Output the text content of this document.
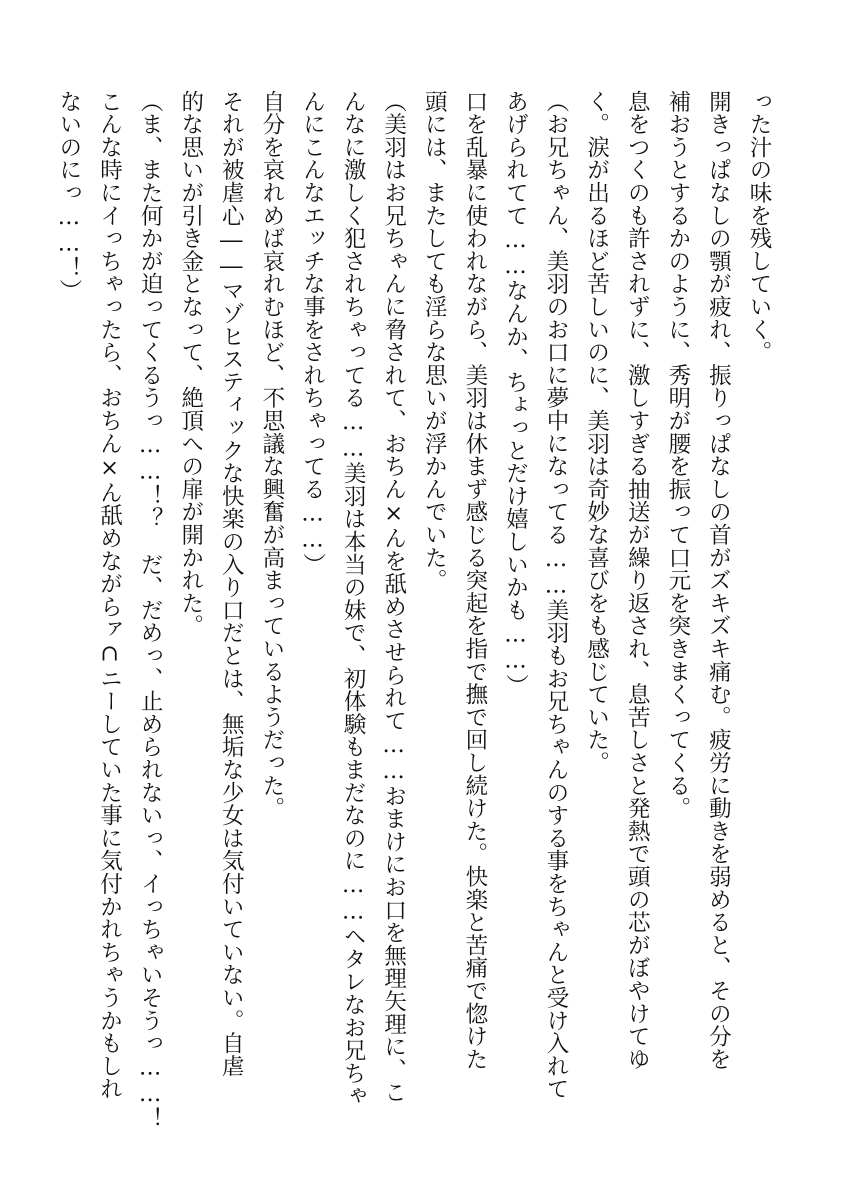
った汁の味を残していく。
開きっぱなしの顎が疲れ、振りっぱなしの首がズキズキ痛む。疲労に動きを弱めると、その分を
補おうとするかのように、秀明が腰を振って口元を突きまくってくる。
息をつくのも許されずに、激しすぎる抽送が繰り返され、息苦しさと発熱で頭の芯がぼやけてゆ
く。涙が出るほど苦しいのに、美羽は奇妙な喜びをも感じていた。
（お兄ちゃん、美羽のお口に夢中になってる……美羽もお兄ちゃんのする事をちゃんと受け入れて
あげられてて……なんか、ちょっとだけ嬉しいかも……）
口を乱暴に使われながら、美羽は休まず感じる突起を指で撫で回し続けた。快楽と苦痛で惚けた
頭には、またしても淫らな思いが浮かんでいた。
（美羽はお兄ちゃんに脅されて、おちん×んを舐めさせられて……おまけにお口を無理矢理に、こ
んなに激しく犯されちゃってる……美羽は本当の妹で、初体験もまだなのに……ヘタレなお兄ちゃ
んにこんなエッチな事をされちゃってる……）
自分を哀れめば哀れむほど、不思議な興奮が高まっているようだった。
それが被虐心――マゾヒスティックな快楽の入り口だとは、無垢な少女は気付いていない。自虐
的な思いが引き金となって、絶頂への扉が開かれた。
（ま、また何かが迫ってくるうっ……！？　だ、だめっ、止められないっ、イっちゃいそうっ……！
こんな時にイっちゃったら、おちん×ん舐めながらァ∩ニーしていた事に気付かれちゃうかもしれ
ないのにっ……！）
